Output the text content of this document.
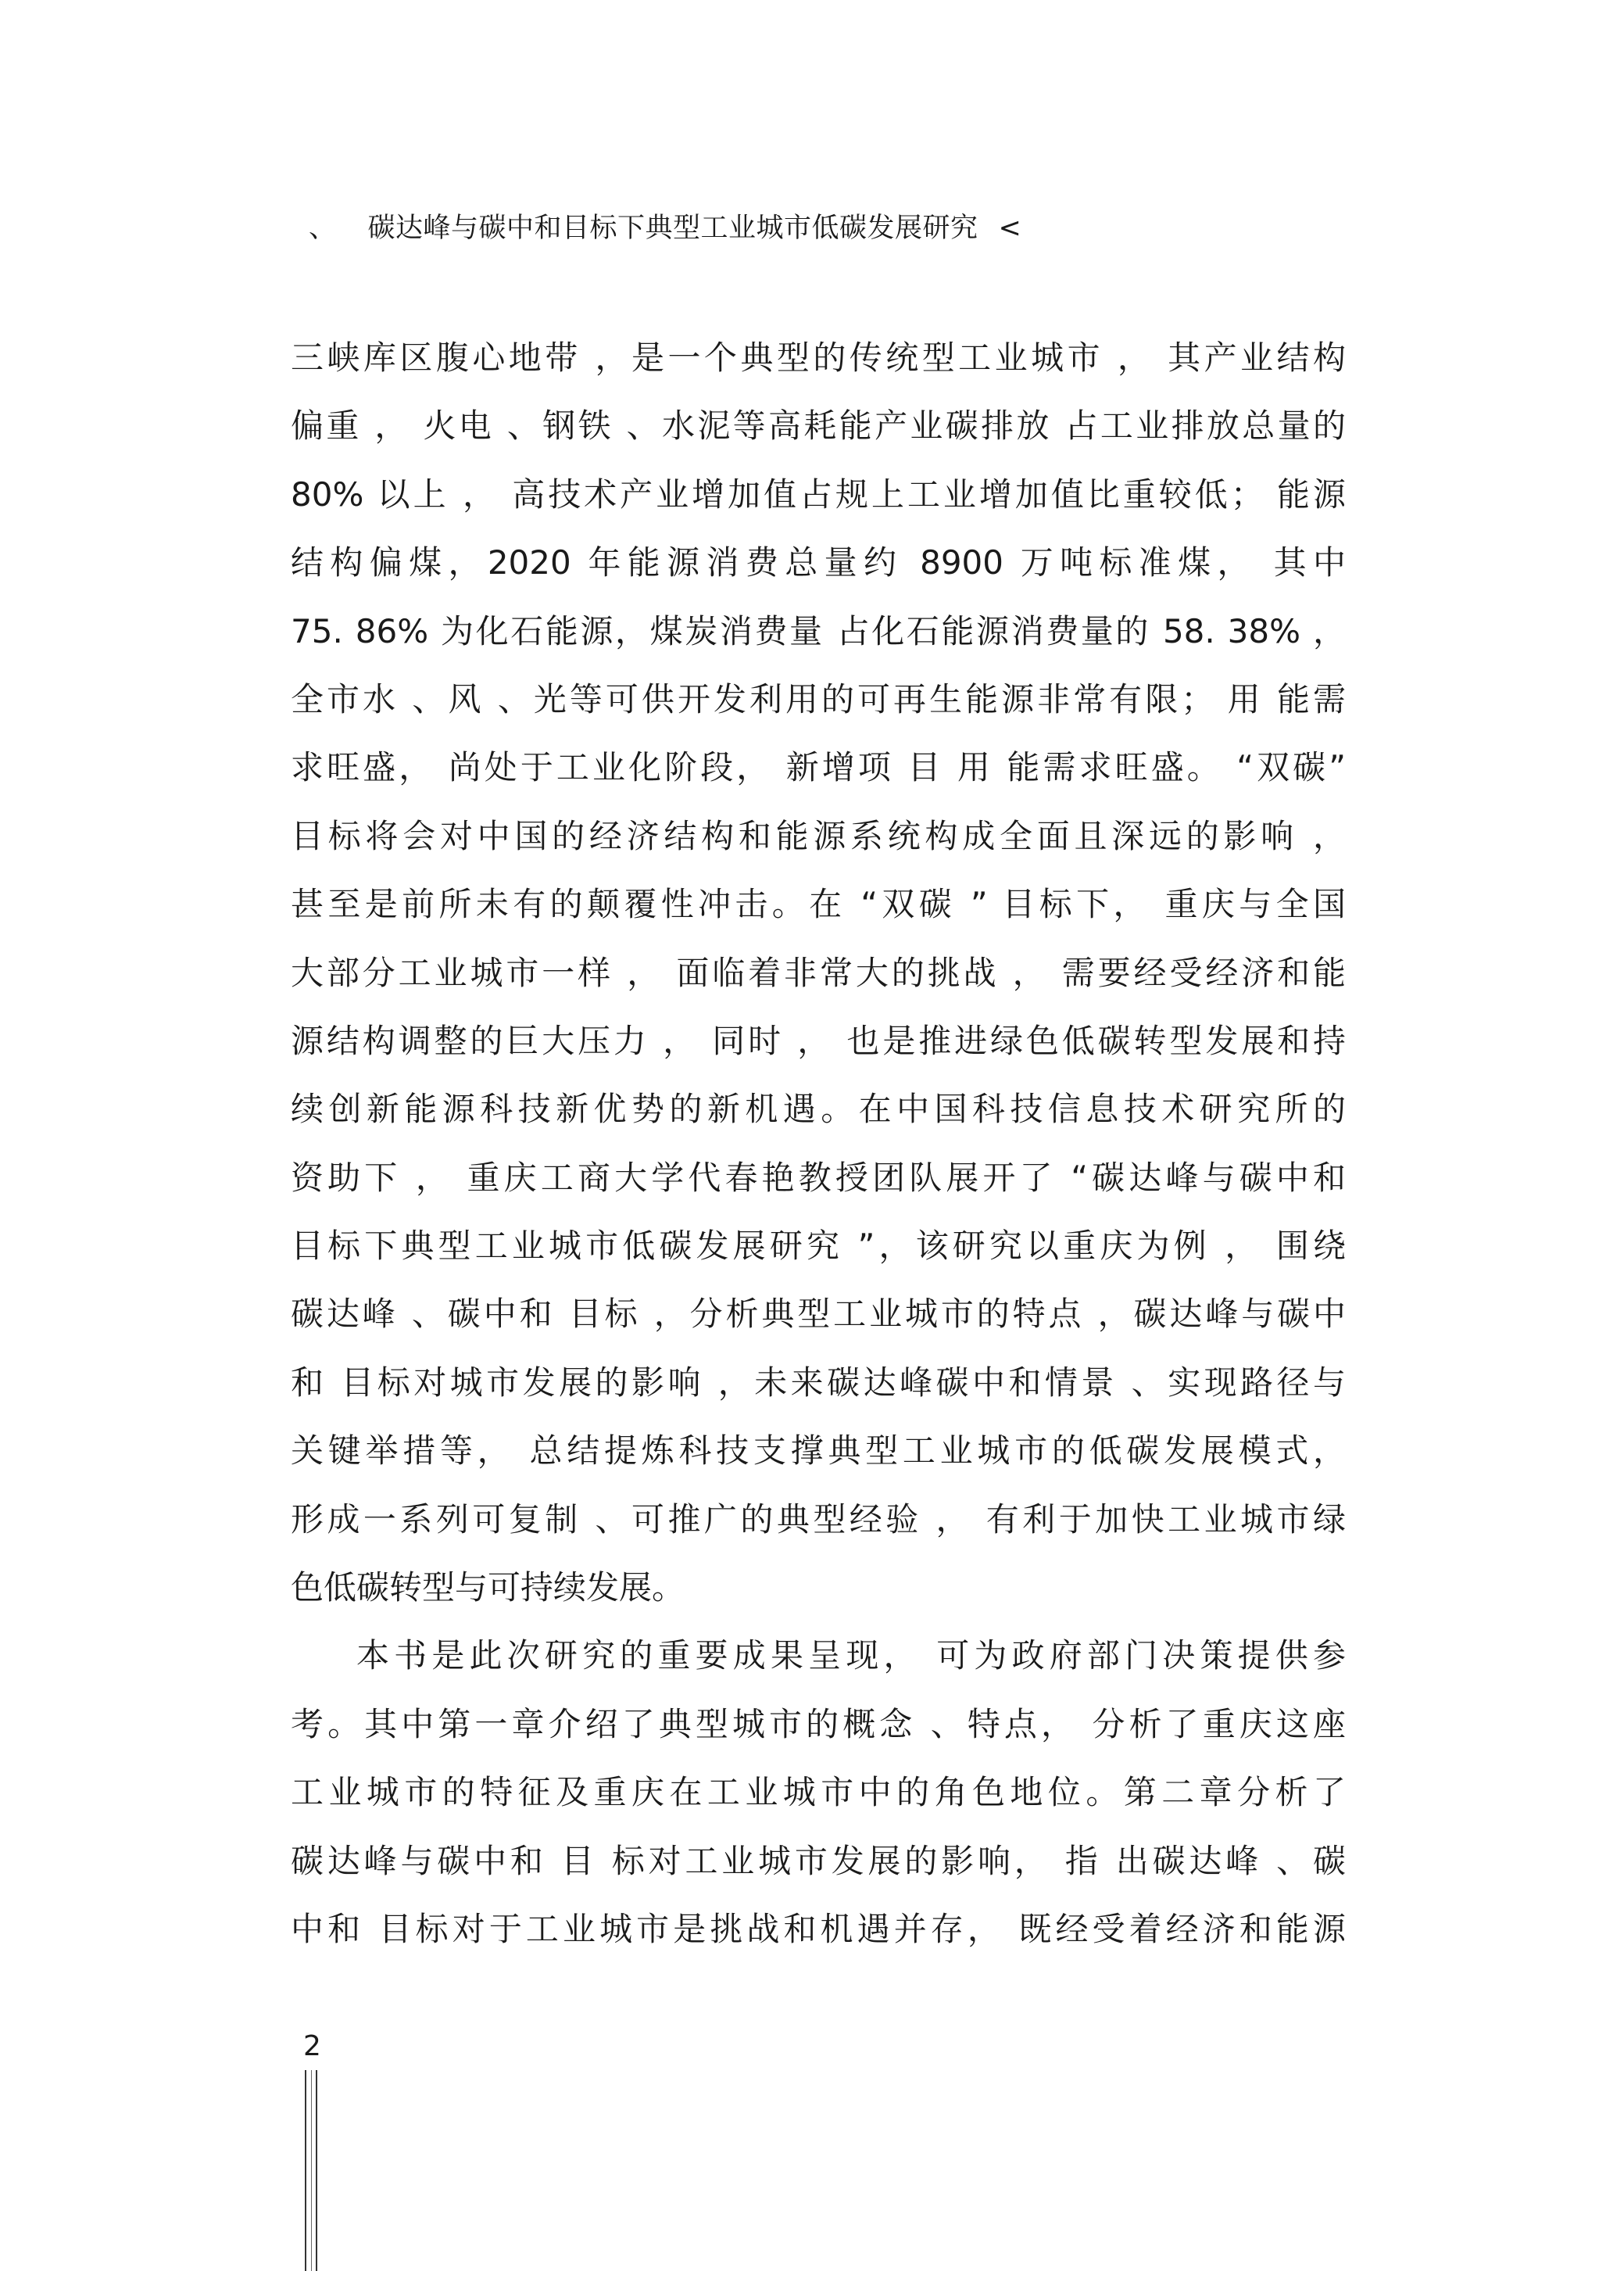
、 碳达峰与碳中和目标下典型工业城市低碳发展研究 <
三峡库区腹心地带 ，是一个典型的传统型工业城市 ， 其产业结构
偏重 ， 火电 、钢铁 、水泥等高耗能产业碳排放 占工业排放总量的
80% 以上 ， 高技术产业增加值占规上工业增加值比重较低； 能源
结构偏煤，2020 年能源消费总量约 8900 万吨标准煤， 其中
75. 86% 为化石能源，煤炭消费量 占化石能源消费量的 58. 38% ，
全市水 、风 、光等可供开发利用的可再生能源非常有限； 用 能需
求旺盛， 尚处于工业化阶段， 新增项 目 用 能需求旺盛。 “双碳”
目标将会对中国的经济结构和能源系统构成全面且深远的影响 ，
甚至是前所未有的颠覆性冲击。在 “双碳 ” 目标下， 重庆与全国
大部分工业城市一样 ， 面临着非常大的挑战 ， 需要经受经济和能
源结构调整的巨大压力 ， 同时 ， 也是推进绿色低碳转型发展和持
续创新能源科技新优势的新机遇。在中国科技信息技术研究所的
资助下 ， 重庆工商大学代春艳教授团队展开了 “碳达峰与碳中和
目标下典型工业城市低碳发展研究 ”，该研究以重庆为例 ， 围绕
碳达峰 、碳中和 目标 ，分析典型工业城市的特点 ，碳达峰与碳中
和 目标对城市发展的影响 ，未来碳达峰碳中和情景 、实现路径与
关键举措等， 总结提炼科技支撑典型工业城市的低碳发展模式，
形成一系列可复制 、可推广的典型经验 ， 有利于加快工业城市绿
色低碳转型与可持续发展。
本书是此次研究的重要成果呈现， 可为政府部门决策提供参
考。其中第一章介绍了典型城市的概念 、特点， 分析了重庆这座
工业城市的特征及重庆在工业城市中的角色地位。第二章分析了
碳达峰与碳中和 目 标对工业城市发展的影响， 指 出碳达峰 、碳
中和 目标对于工业城市是挑战和机遇并存， 既经受着经济和能源
2
